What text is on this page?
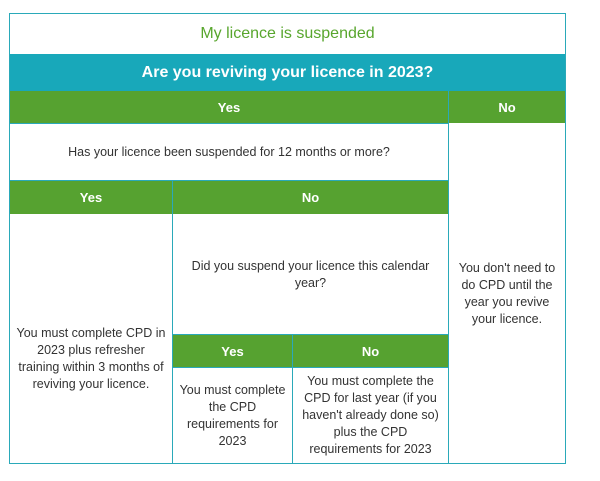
My licence is suspended
Are you reviving your licence in 2023?
Yes	No
You don't need to do CPD until the year you revive your licence.
Has your licence been suspended for 12 months or more?
Yes	No
You must complete CPD in 2023 plus refresher training within 3 months of reviving your licence.
Did you suspend your licence this calendar year?
Yes	No
You must complete the CPD requirements for 2023
You must complete the CPD for last year (if you haven't already done so) plus the CPD requirements for 2023
